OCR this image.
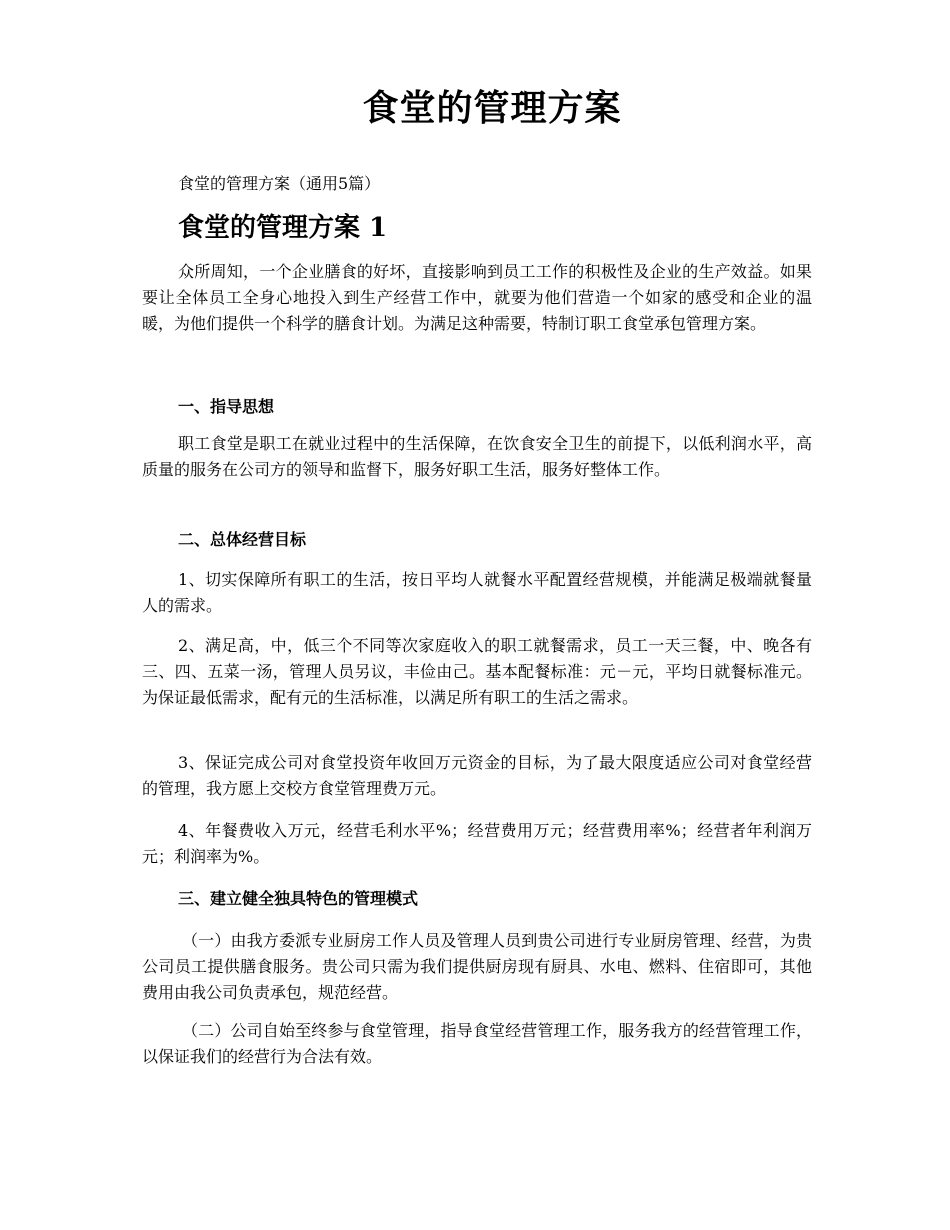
食堂的管理方案

食堂的管理方案（通用5篇）

食堂的管理方案 1

众所周知，一个企业膳食的好坏，直接影响到员工工作的积极性及企业的生产效益。如果要让全体员工全身心地投入到生产经营工作中，就要为他们营造一个如家的感受和企业的温暖，为他们提供一个科学的膳食计划。为满足这种需要，特制订职工食堂承包管理方案。

一、指导思想

职工食堂是职工在就业过程中的生活保障，在饮食安全卫生的前提下，以低利润水平，高质量的服务在公司方的领导和监督下，服务好职工生活，服务好整体工作。

二、总体经营目标

1、切实保障所有职工的生活，按日平均人就餐水平配置经营规模，并能满足极端就餐量人的需求。

2、满足高，中，低三个不同等次家庭收入的职工就餐需求，员工一天三餐，中、晚各有三、四、五菜一汤，管理人员另议，丰俭由己。基本配餐标准：元－元，平均日就餐标准元。为保证最低需求，配有元的生活标准，以满足所有职工的生活之需求。

3、保证完成公司对食堂投资年收回万元资金的目标，为了最大限度适应公司对食堂经营的管理，我方愿上交校方食堂管理费万元。

4、年餐费收入万元，经营毛利水平%；经营费用万元；经营费用率%；经营者年利润万元；利润率为%。

三、建立健全独具特色的管理模式

（一）由我方委派专业厨房工作人员及管理人员到贵公司进行专业厨房管理、经营，为贵公司员工提供膳食服务。贵公司只需为我们提供厨房现有厨具、水电、燃料、住宿即可，其他费用由我公司负责承包，规范经营。

（二）公司自始至终参与食堂管理，指导食堂经营管理工作，服务我方的经营管理工作，以保证我们的经营行为合法有效。
